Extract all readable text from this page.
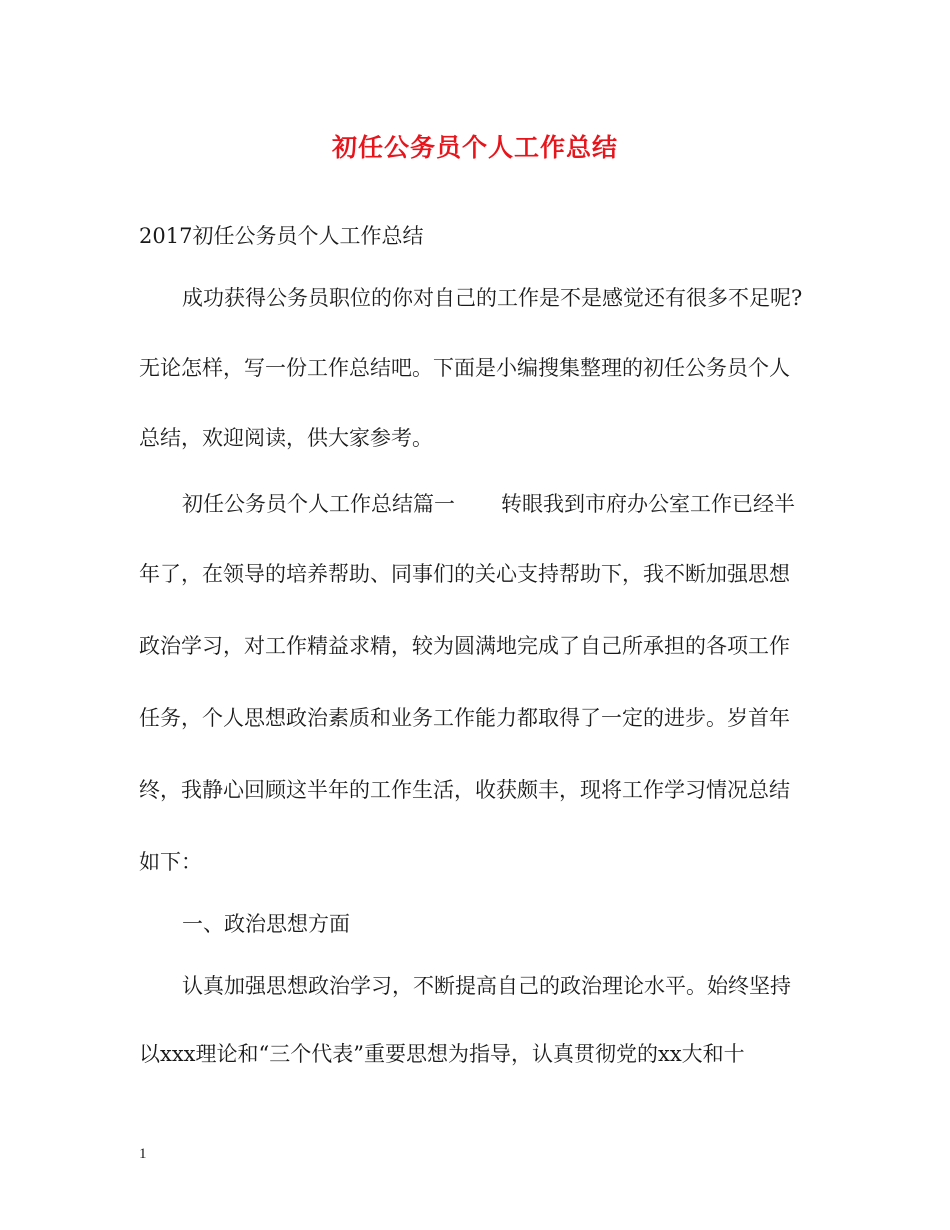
初任公务员个人工作总结
2017初任公务员个人工作总结
成功获得公务员职位的你对自己的工作是不是感觉还有很多不足呢?
无论怎样，写一份工作总结吧。下面是小编搜集整理的初任公务员个人
总结，欢迎阅读，供大家参考。
初任公务员个人工作总结篇一 转眼我到市府办公室工作已经半
年了，在领导的培养帮助、同事们的关心支持帮助下，我不断加强思想
政治学习，对工作精益求精，较为圆满地完成了自己所承担的各项工作
任务，个人思想政治素质和业务工作能力都取得了一定的进步。岁首年
终，我静心回顾这半年的工作生活，收获颇丰，现将工作学习情况总结
如下：
一、政治思想方面
认真加强思想政治学习，不断提高自己的政治理论水平。始终坚持
以xxx理论和“三个代表”重要思想为指导，认真贯彻党的xx大和十
1
